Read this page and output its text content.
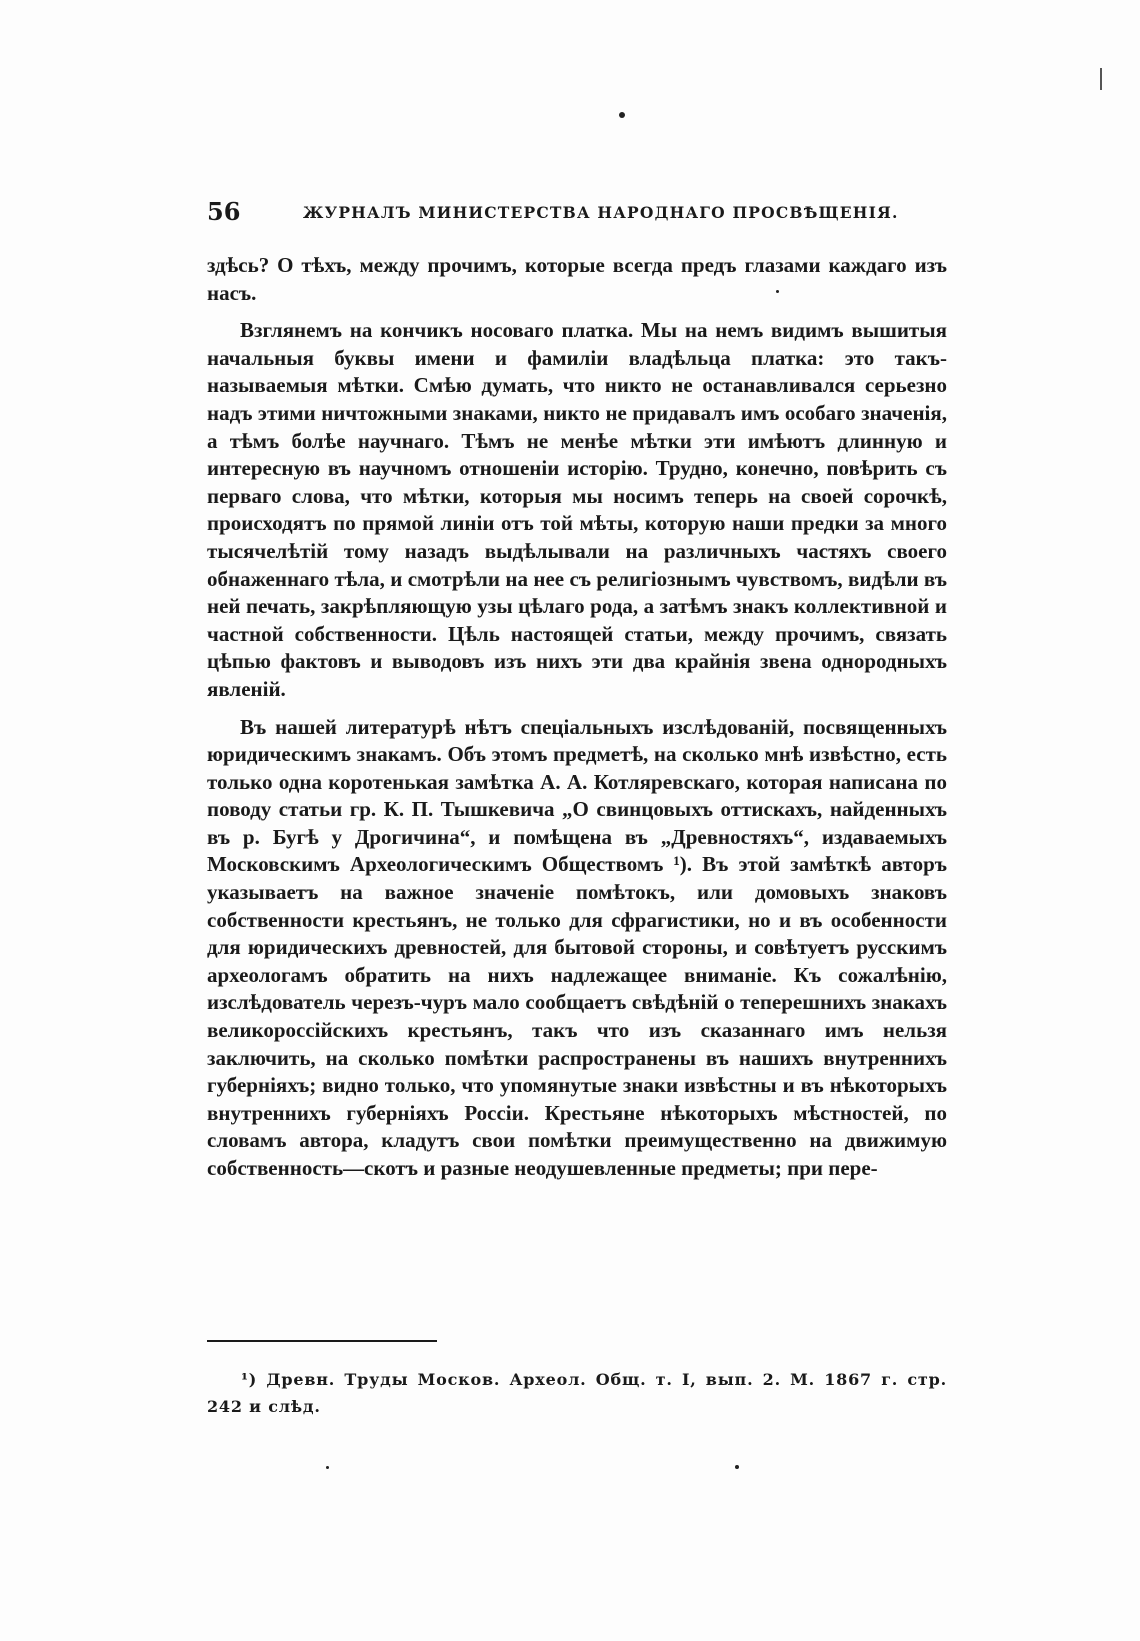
56	ЖУРНАЛЪ МИНИСТЕРСТВА НАРОДНАГО ПРОСВѢЩЕНІЯ.

здѣсь? О тѣхъ, между прочимъ, которые всегда предъ глазами каждаго изъ насъ.

Взглянемъ на кончикъ носоваго платка. Мы на немъ видимъ вышитыя начальныя буквы имени и фамиліи владѣльца платка: это такъ-называемыя мѣтки. Смѣю думать, что никто не останавливался серьезно надъ этими ничтожными знаками, никто не придавалъ имъ особаго значенія, а тѣмъ болѣе научнаго. Тѣмъ не менѣе мѣтки эти имѣютъ длинную и интересную въ научномъ отношеніи исторію. Трудно, конечно, повѣрить съ перваго слова, что мѣтки, которыя мы носимъ теперь на своей сорочкѣ, происходятъ по прямой линіи отъ той мѣты, которую наши предки за много тысячелѣтій тому назадъ выдѣлывали на различныхъ частяхъ своего обнаженнаго тѣла, и смотрѣли на нее съ религіознымъ чувствомъ, видѣли въ ней печать, закрѣпляющую узы цѣлаго рода, а затѣмъ знакъ коллективной и частной собственности. Цѣль настоящей статьи, между прочимъ, связать цѣпью фактовъ и выводовъ изъ нихъ эти два крайнія звена однородныхъ явленій.

Въ нашей литературѣ нѣтъ спеціальныхъ изслѣдованій, посвященныхъ юридическимъ знакамъ. Объ этомъ предметѣ, на сколько мнѣ извѣстно, есть только одна коротенькая замѣтка А. А. Котляревскаго, которая написана по поводу статьи гр. К. П. Тышкевича „О свинцовыхъ оттискахъ, найденныхъ въ р. Бугѣ у Дрогичина“, и помѣщена въ „Древностяхъ“, издаваемыхъ Московскимъ Археологическимъ Обществомъ ¹). Въ этой замѣткѣ авторъ указываетъ на важное значеніе помѣтокъ, или домовыхъ знаковъ собственности крестьянъ, не только для сфрагистики, но и въ особенности для юридическихъ древностей, для бытовой стороны, и совѣтуетъ русскимъ археологамъ обратить на нихъ надлежащее вниманіе. Къ сожалѣнію, изслѣдователь черезъ-чуръ мало сообщаетъ свѣдѣній о теперешнихъ знакахъ великороссійскихъ крестьянъ, такъ что изъ сказаннаго имъ нельзя заключить, на сколько помѣтки распространены въ нашихъ внутреннихъ губерніяхъ; видно только, что упомянутые знаки извѣстны и въ нѣкоторыхъ внутреннихъ губерніяхъ Россіи. Крестьяне нѣкоторыхъ мѣстностей, по словамъ автора, кладутъ свои помѣтки преимущественно на движимую собственность—скотъ и разные неодушевленные предметы; при пере-

¹) Древн. Труды Москов. Археол. Общ. т. I, вып. 2. М. 1867 г. стр. 242 и слѣд.
